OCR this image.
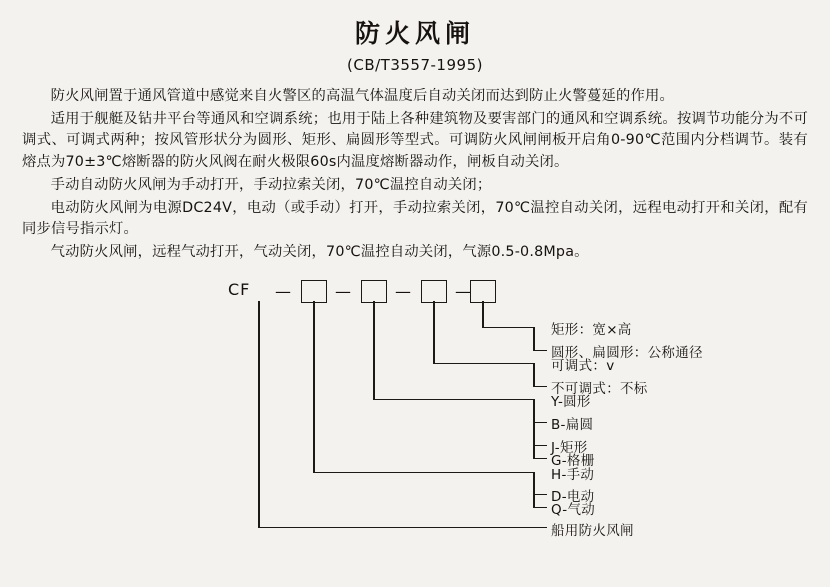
防火风闸
(CB/T3557-1995)

防火风闸置于通风管道中感觉来自火警区的高温气体温度后自动关闭而达到防止火警蔓延的作用。

适用于舰艇及钻井平台等通风和空调系统；也用于陆上各种建筑物及要害部门的通风和空调系统。按调节功能分为不可调式、可调式两种；按风管形状分为圆形、矩形、扁圆形等型式。可调防火风闸闸板开启角0-90℃范围内分档调节。装有熔点为70±3℃熔断器的防火风阀在耐火极限60s内温度熔断器动作，闸板自动关闭。

手动自动防火风闸为手动打开，手动拉索关闭，70℃温控自动关闭；

电动防火风闸为电源DC24V，电动（或手动）打开，手动拉索关闭，70℃温控自动关闭，远程电动打开和关闭，配有同步信号指示灯。

气动防火风闸，远程气动打开，气动关闭，70℃温控自动关闭，气源0.5-0.8Mpa。

CF —	—	—	—
矩形：宽×高
圆形、扁圆形：公称通径
可调式：v
不可调式：不标
Y-圆形
B-扁圆
J-矩形
G-格栅
H-手动
D-电动
Q-气动
船用防火风闸
